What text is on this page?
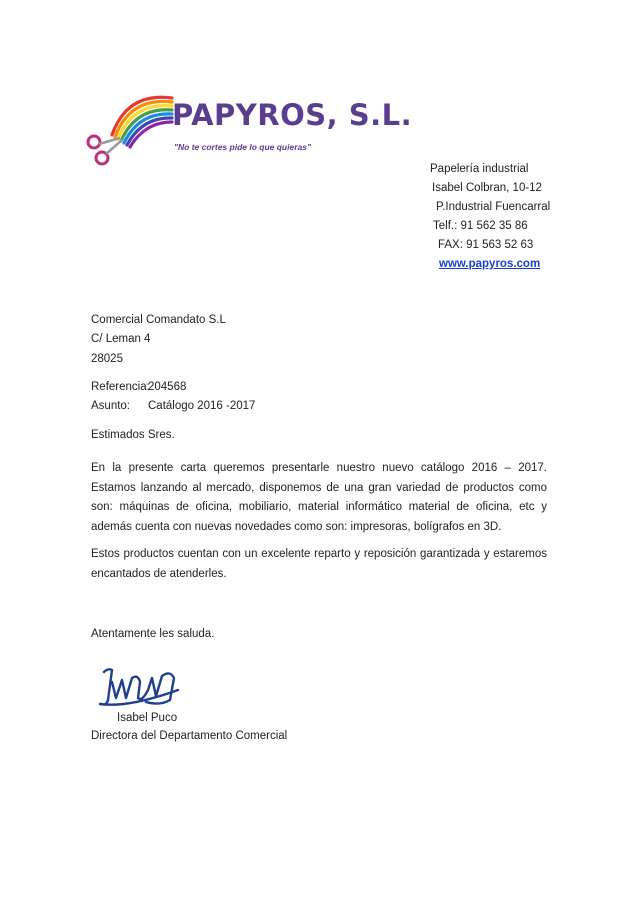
PAPYROS, S.L.
"No te cortes pide lo que quieras"
Papelería industrial
Isabel Colbran, 10-12
P.Industrial Fuencarral
Telf.: 91 562 35 86
FAX: 91 563 52 63
www.papyros.com
Comercial Comandato S.L
C/ Leman 4
28025
Referencia:
204568
Asunto:	Catálogo 2016 -2017
Estimados Sres.
En la presente carta queremos presentarle nuestro nuevo catálogo 2016 – 2017. Estamos lanzando al mercado, disponemos de una gran variedad de productos como son: máquinas de oficina, mobiliario, material informático material de oficina, etc y además cuenta con nuevas novedades como son: impresoras, bolígrafos en 3D.
Estos productos cuentan con un excelente reparto y reposición garantizada y estaremos encantados de atenderles.
Atentamente les saluda.
Isabel Puco
Directora del Departamento Comercial
